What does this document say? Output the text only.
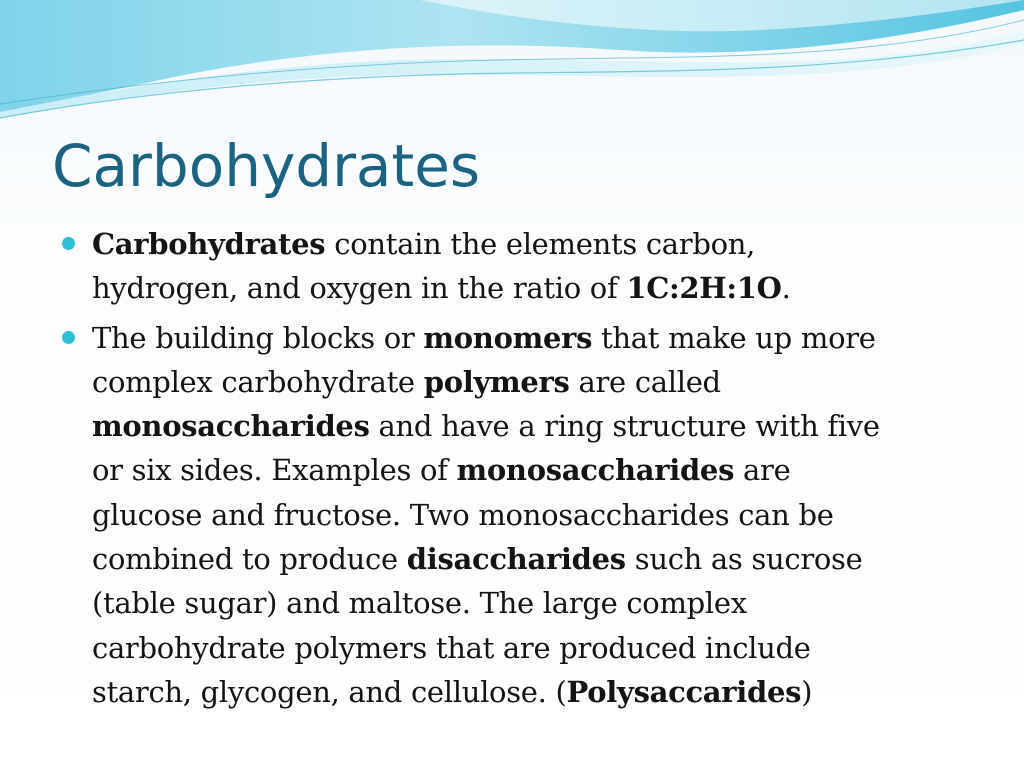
Carbohydrates
Carbohydrates contain the elements carbon,
hydrogen, and oxygen in the ratio of 1C:2H:1O.
The building blocks or monomers that make up more
complex carbohydrate polymers are called
monosaccharides and have a ring structure with five
or six sides. Examples of monosaccharides are
glucose and fructose. Two monosaccharides can be
combined to produce disaccharides such as sucrose
(table sugar) and maltose. The large complex
carbohydrate polymers that are produced include
starch, glycogen, and cellulose. (Polysaccarides)
